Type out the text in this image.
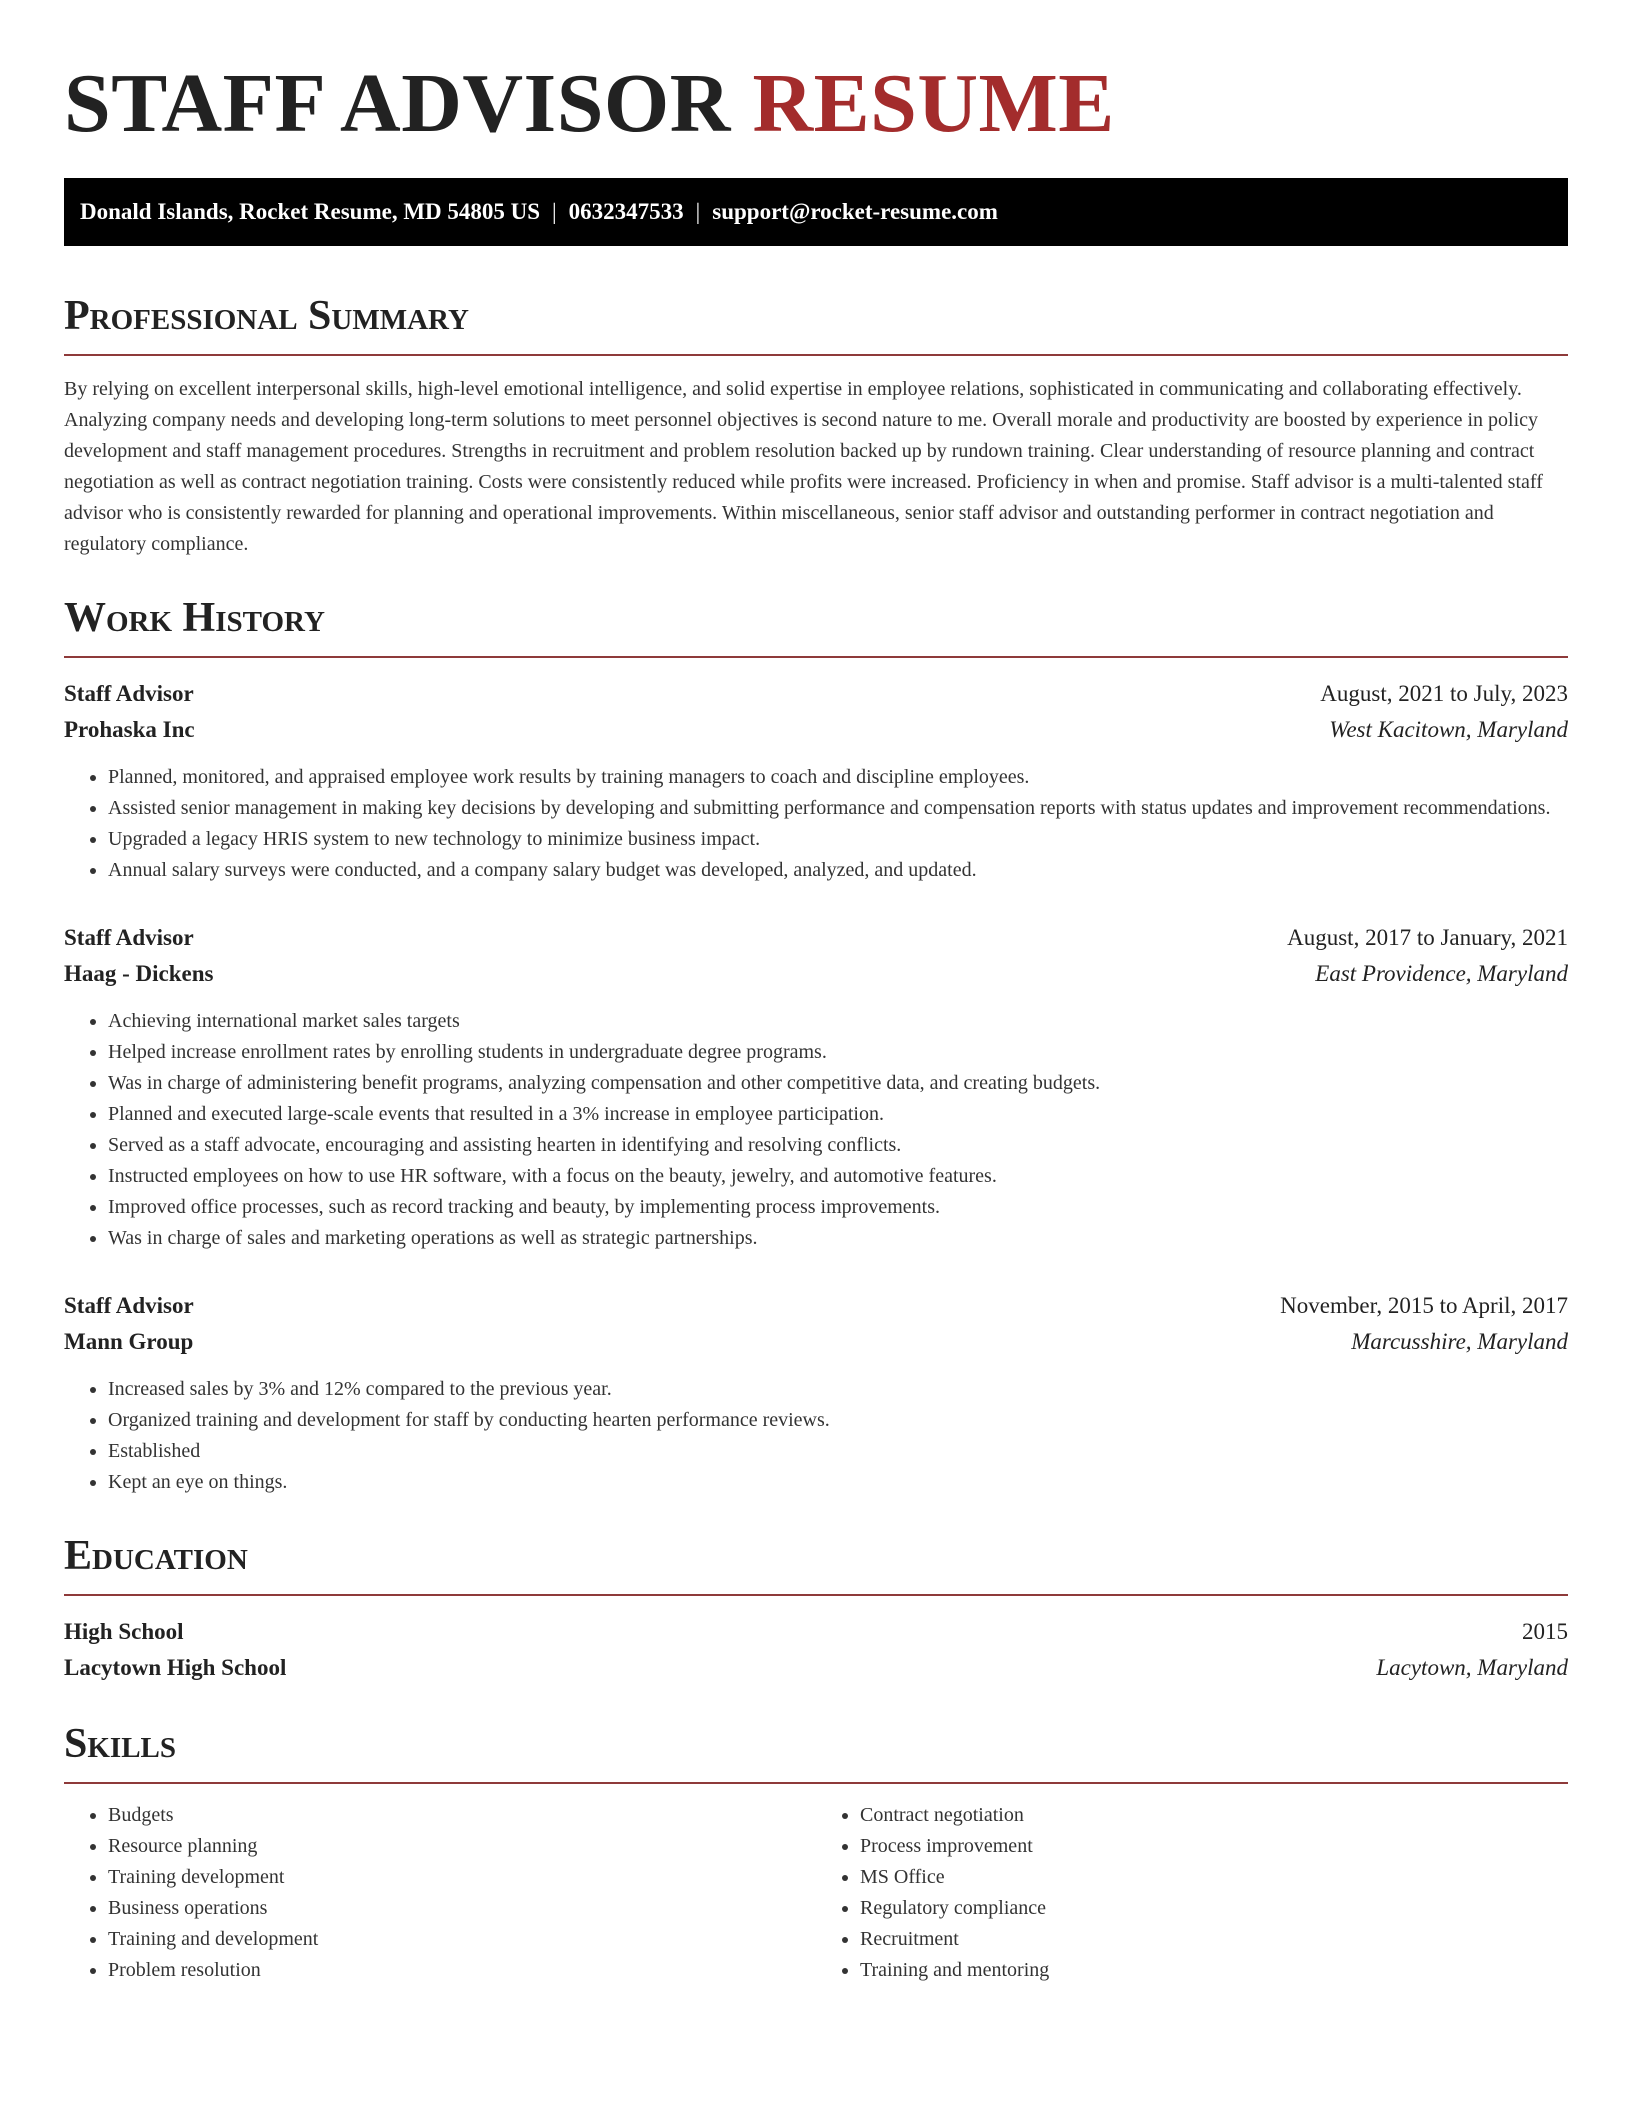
STAFF ADVISOR RESUME
Donald Islands, Rocket Resume, MD 54805 US | 0632347533 | support@rocket-resume.com
Professional Summary

By relying on excellent interpersonal skills, high-level emotional intelligence, and solid expertise in employee relations, sophisticated in communicating and collaborating effectively. Analyzing company needs and developing long-term solutions to meet personnel objectives is second nature to me. Overall morale and productivity are boosted by experience in policy development and staff management procedures. Strengths in recruitment and problem resolution backed up by rundown training. Clear understanding of resource planning and contract negotiation as well as contract negotiation training. Costs were consistently reduced while profits were increased. Proficiency in when and promise. Staff advisor is a multi-talented staff advisor who is consistently rewarded for planning and operational improvements. Within miscellaneous, senior staff advisor and outstanding performer in contract negotiation and regulatory compliance.

Work History
Staff Advisor	August, 2021 to July, 2023
Prohaska Inc	West Kacitown, Maryland
• Planned, monitored, and appraised employee work results by training managers to coach and discipline employees.
• Assisted senior management in making key decisions by developing and submitting performance and compensation reports with status updates and improvement recommendations.
• Upgraded a legacy HRIS system to new technology to minimize business impact.
• Annual salary surveys were conducted, and a company salary budget was developed, analyzed, and updated.
Staff Advisor	August, 2017 to January, 2021
Haag - Dickens	East Providence, Maryland
• Achieving international market sales targets
• Helped increase enrollment rates by enrolling students in undergraduate degree programs.
• Was in charge of administering benefit programs, analyzing compensation and other competitive data, and creating budgets.
• Planned and executed large-scale events that resulted in a 3% increase in employee participation.
• Served as a staff advocate, encouraging and assisting hearten in identifying and resolving conflicts.
• Instructed employees on how to use HR software, with a focus on the beauty, jewelry, and automotive features.
• Improved office processes, such as record tracking and beauty, by implementing process improvements.
• Was in charge of sales and marketing operations as well as strategic partnerships.
Staff Advisor	November, 2015 to April, 2017
Mann Group	Marcusshire, Maryland
• Increased sales by 3% and 12% compared to the previous year.
• Organized training and development for staff by conducting hearten performance reviews.
• Established
• Kept an eye on things.
Education
High School	2015
Lacytown High School	Lacytown, Maryland
Skills
• Budgets
• Resource planning
• Training development
• Business operations
• Training and development
• Problem resolution
• Contract negotiation
• Process improvement
• MS Office
• Regulatory compliance
• Recruitment
• Training and mentoring
